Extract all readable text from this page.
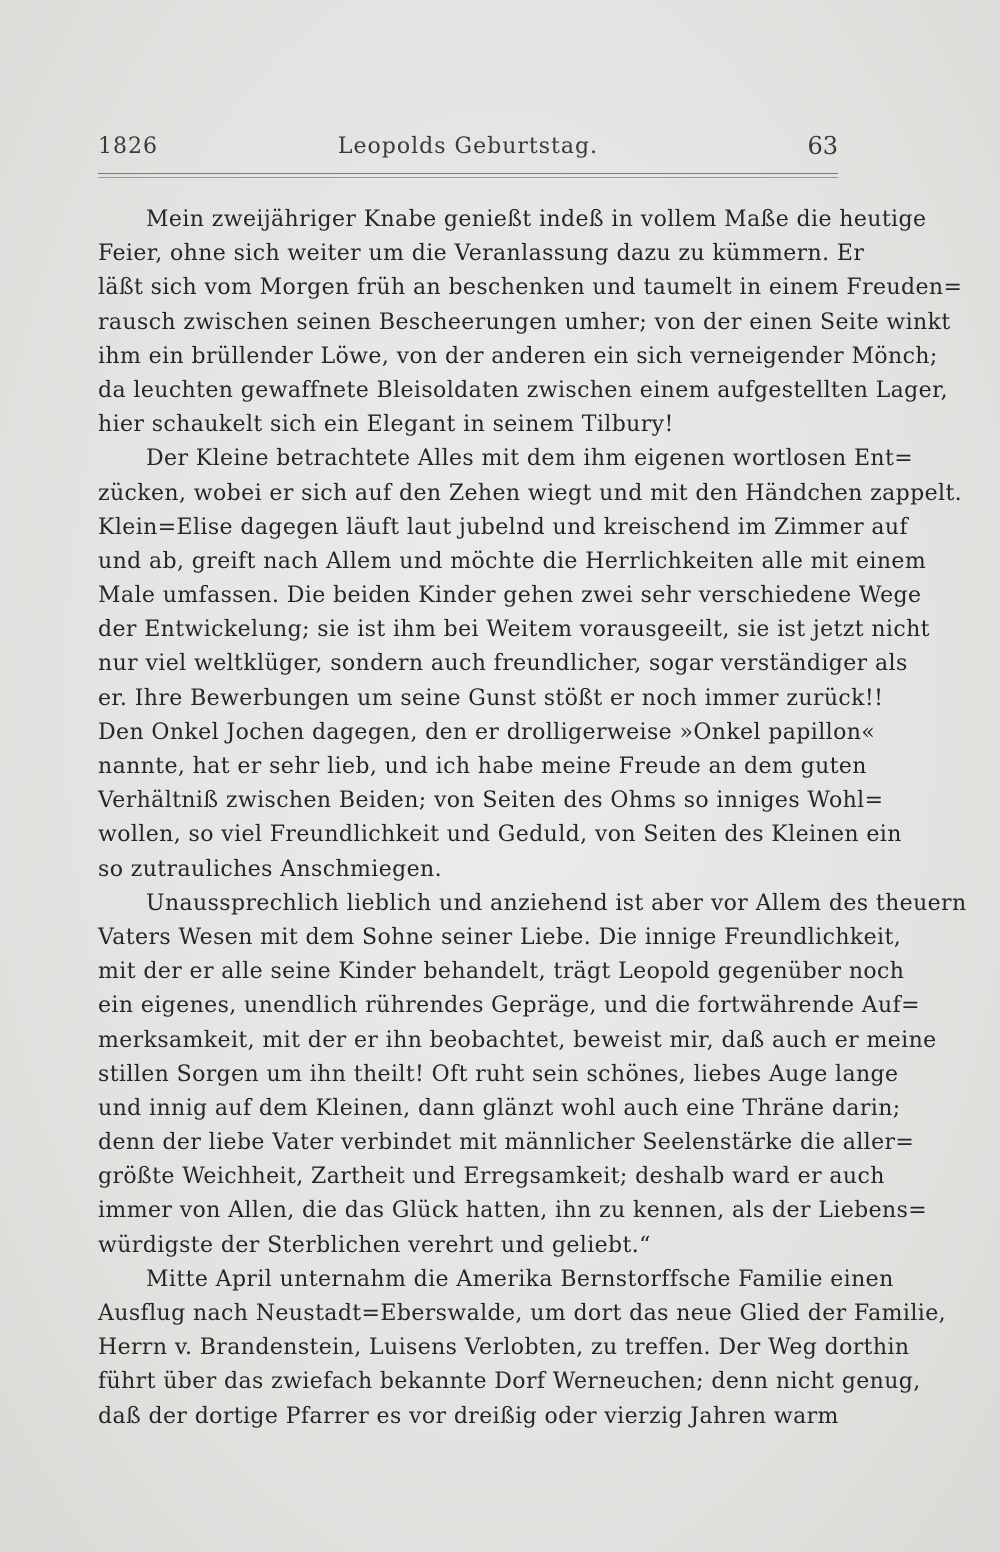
1826	Leopolds Geburtstag.	63
Mein zweijähriger Knabe genießt indeß in vollem Maße die heutige
Feier, ohne sich weiter um die Veranlassung dazu zu kümmern. Er
läßt sich vom Morgen früh an beschenken und taumelt in einem Freuden=
rausch zwischen seinen Bescheerungen umher; von der einen Seite winkt
ihm ein brüllender Löwe, von der anderen ein sich verneigender Mönch;
da leuchten gewaffnete Bleisoldaten zwischen einem aufgestellten Lager,
hier schaukelt sich ein Elegant in seinem Tilbury!
Der Kleine betrachtete Alles mit dem ihm eigenen wortlosen Ent=
zücken, wobei er sich auf den Zehen wiegt und mit den Händchen zappelt.
Klein=Elise dagegen läuft laut jubelnd und kreischend im Zimmer auf
und ab, greift nach Allem und möchte die Herrlichkeiten alle mit einem
Male umfassen. Die beiden Kinder gehen zwei sehr verschiedene Wege
der Entwickelung; sie ist ihm bei Weitem vorausgeeilt, sie ist jetzt nicht
nur viel weltklüger, sondern auch freundlicher, sogar verständiger als
er. Ihre Bewerbungen um seine Gunst stößt er noch immer zurück!!
Den Onkel Jochen dagegen, den er drolligerweise »Onkel papillon«
nannte, hat er sehr lieb, und ich habe meine Freude an dem guten
Verhältniß zwischen Beiden; von Seiten des Ohms so inniges Wohl=
wollen, so viel Freundlichkeit und Geduld, von Seiten des Kleinen ein
so zutrauliches Anschmiegen.
Unaussprechlich lieblich und anziehend ist aber vor Allem des theuern
Vaters Wesen mit dem Sohne seiner Liebe. Die innige Freundlichkeit,
mit der er alle seine Kinder behandelt, trägt Leopold gegenüber noch
ein eigenes, unendlich rührendes Gepräge, und die fortwährende Auf=
merksamkeit, mit der er ihn beobachtet, beweist mir, daß auch er meine
stillen Sorgen um ihn theilt! Oft ruht sein schönes, liebes Auge lange
und innig auf dem Kleinen, dann glänzt wohl auch eine Thräne darin;
denn der liebe Vater verbindet mit männlicher Seelenstärke die aller=
größte Weichheit, Zartheit und Erregsamkeit; deshalb ward er auch
immer von Allen, die das Glück hatten, ihn zu kennen, als der Liebens=
würdigste der Sterblichen verehrt und geliebt.“
Mitte April unternahm die Amerika Bernstorffsche Familie einen
Ausflug nach Neustadt=Eberswalde, um dort das neue Glied der Familie,
Herrn v. Brandenstein, Luisens Verlobten, zu treffen. Der Weg dorthin
führt über das zwiefach bekannte Dorf Werneuchen; denn nicht genug,
daß der dortige Pfarrer es vor dreißig oder vierzig Jahren warm
